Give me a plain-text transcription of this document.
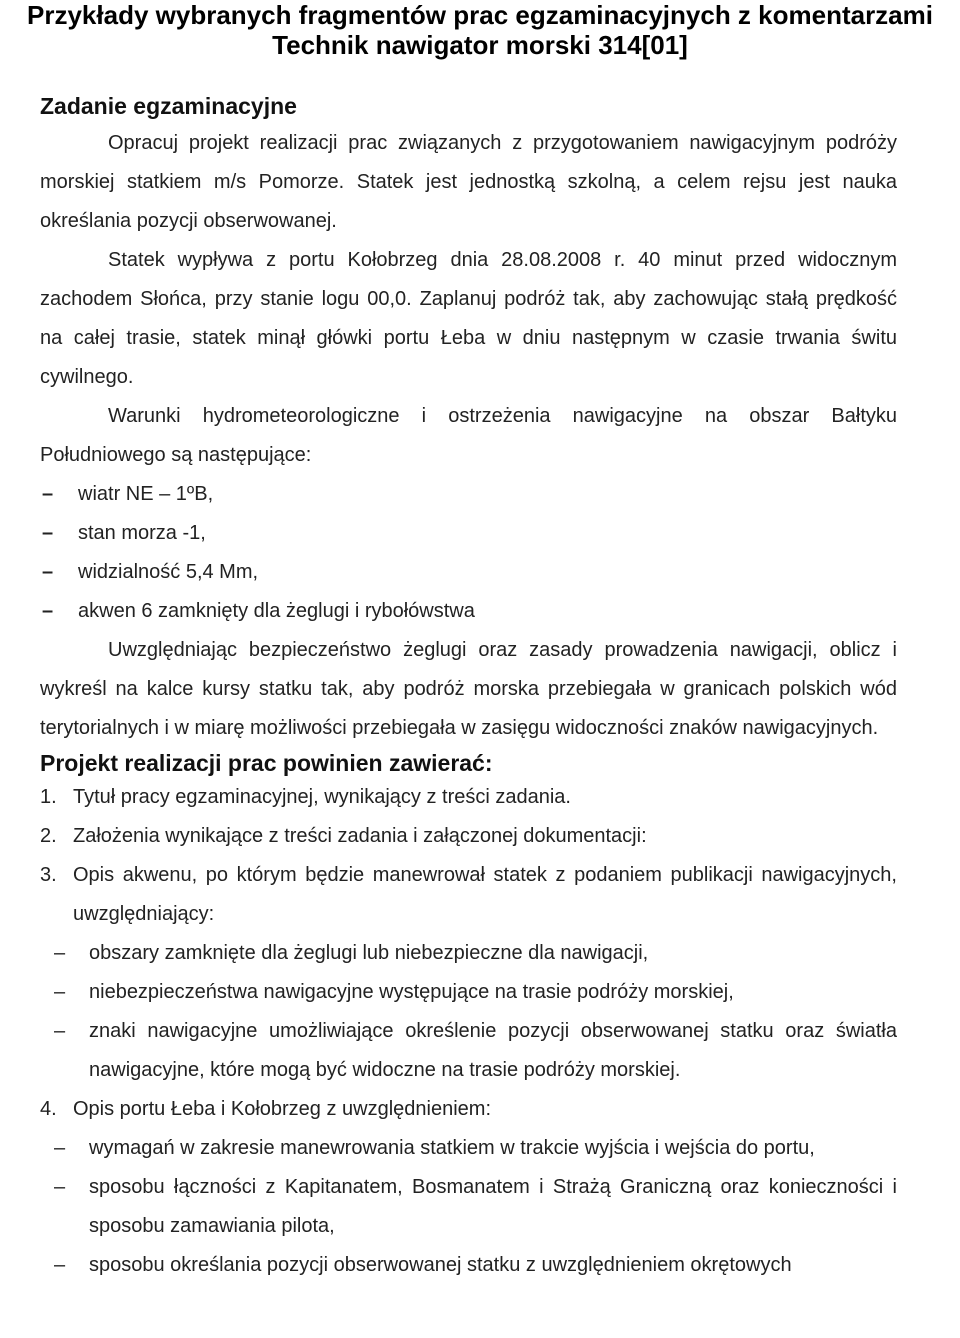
Przykłady wybranych fragmentów prac egzaminacyjnych z komentarzami
Technik nawigator morski 314[01]
Zadanie egzaminacyjne
Opracuj projekt realizacji prac związanych z przygotowaniem nawigacyjnym podróży morskiej statkiem m/s Pomorze. Statek jest jednostką szkolną, a celem rejsu jest nauka określania pozycji obserwowanej.
Statek wypływa z portu Kołobrzeg dnia 28.08.2008 r. 40 minut przed widocznym zachodem Słońca, przy stanie logu 00,0. Zaplanuj podróż tak, aby zachowując stałą prędkość na całej trasie, statek minął główki portu Łeba w dniu następnym w czasie trwania świtu cywilnego.
Warunki hydrometeorologiczne i ostrzeżenia nawigacyjne na obszar Bałtyku Południowego są następujące:
–	wiatr NE – 1ºB,
–	stan morza -1,
–	widzialność 5,4 Mm,
–	akwen 6 zamknięty dla żeglugi i rybołówstwa
Uwzględniając bezpieczeństwo żeglugi oraz zasady prowadzenia nawigacji, oblicz i wykreśl na kalce kursy statku tak, aby podróż morska przebiegała w granicach polskich wód terytorialnych i w miarę możliwości przebiegała w zasięgu widoczności znaków nawigacyjnych.
Projekt realizacji prac powinien zawierać:
1. Tytuł pracy egzaminacyjnej, wynikający z treści zadania.
2. Założenia wynikające z treści zadania i załączonej dokumentacji:
3. Opis akwenu, po którym będzie manewrował statek z podaniem publikacji nawigacyjnych, uwzględniający:
– obszary zamknięte dla żeglugi lub niebezpieczne dla nawigacji,
– niebezpieczeństwa nawigacyjne występujące na trasie podróży morskiej,
– znaki nawigacyjne umożliwiające określenie pozycji obserwowanej statku oraz światła nawigacyjne, które mogą być widoczne na trasie podróży morskiej.
4. Opis portu Łeba i Kołobrzeg z uwzględnieniem:
– wymagań w zakresie manewrowania statkiem w trakcie wyjścia i wejścia do portu,
– sposobu łączności z Kapitanatem, Bosmanatem i Strażą Graniczną oraz konieczności i sposobu zamawiania pilota,
– sposobu określania pozycji obserwowanej statku z uwzględnieniem okrętowych
